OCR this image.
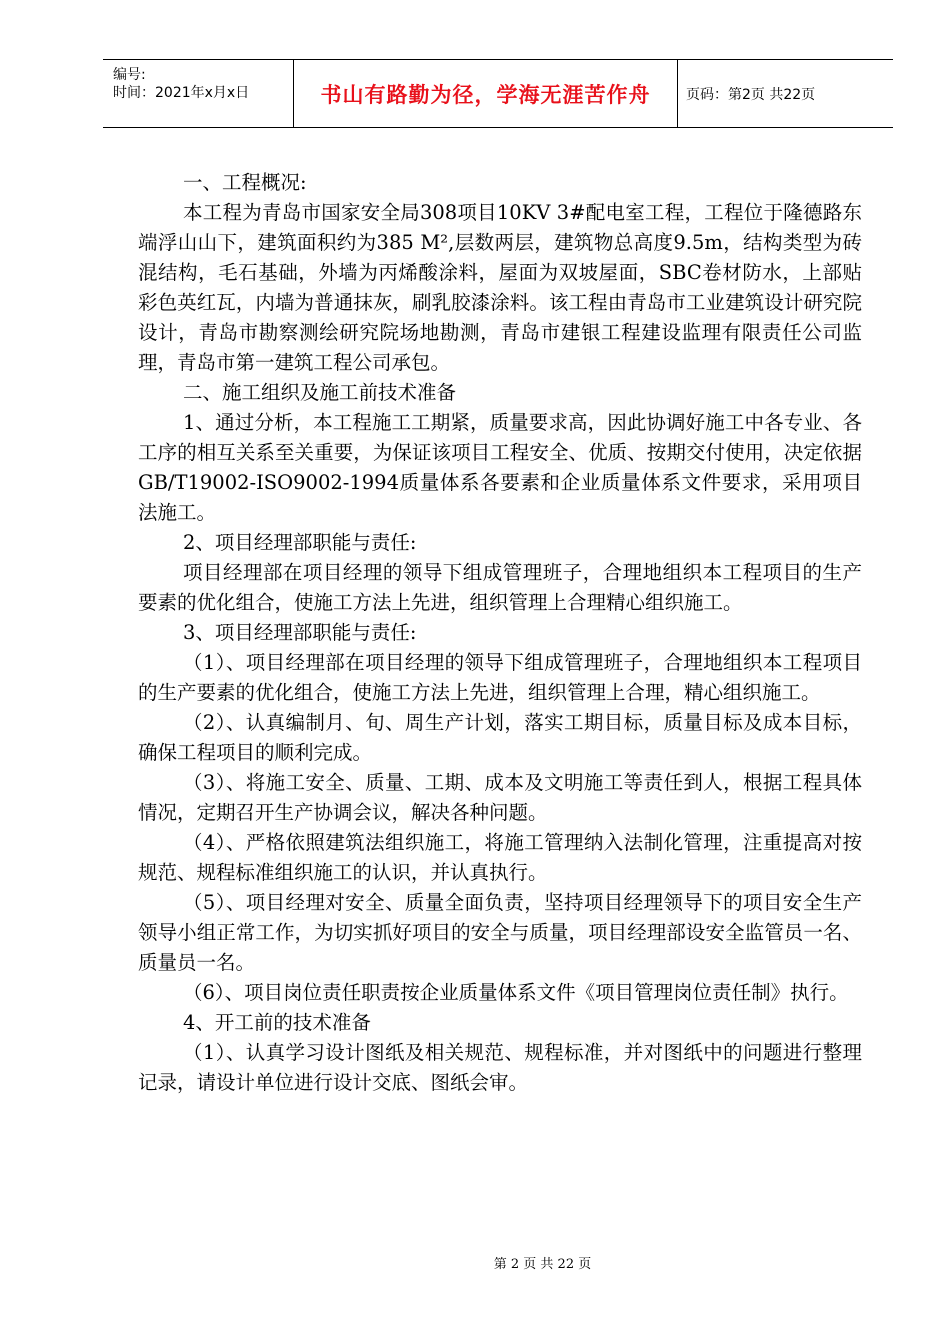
编号:
时间：2021年x月x日	书山有路勤为径，学海无涯苦作舟	页码：第2页 共22页

一、工程概况:

本工程为青岛市国家安全局308项目10KV 3#配电室工程，工程位于隆德路东端浮山山下，建筑面积约为385 M²,层数两层，建筑物总高度9.5m，结构类型为砖混结构，毛石基础，外墙为丙烯酸涂料，屋面为双坡屋面，SBC卷材防水，上部贴彩色英红瓦，内墙为普通抹灰，刷乳胶漆涂料。该工程由青岛市工业建筑设计研究院设计，青岛市勘察测绘研究院场地勘测，青岛市建银工程建设监理有限责任公司监理，青岛市第一建筑工程公司承包。

二、施工组织及施工前技术准备

1、通过分析，本工程施工工期紧，质量要求高，因此协调好施工中各专业、各工序的相互关系至关重要，为保证该项目工程安全、优质、按期交付使用，决定依据GB/T19002-ISO9002-1994质量体系各要素和企业质量体系文件要求，采用项目法施工。

2、项目经理部职能与责任:

项目经理部在项目经理的领导下组成管理班子，合理地组织本工程项目的生产要素的优化组合，使施工方法上先进，组织管理上合理精心组织施工。

3、项目经理部职能与责任:

（1）、项目经理部在项目经理的领导下组成管理班子，合理地组织本工程项目的生产要素的优化组合，使施工方法上先进，组织管理上合理，精心组织施工。

（2）、认真编制月、旬、周生产计划，落实工期目标，质量目标及成本目标，确保工程项目的顺利完成。

（3）、将施工安全、质量、工期、成本及文明施工等责任到人，根据工程具体情况，定期召开生产协调会议，解决各种问题。

（4）、严格依照建筑法组织施工，将施工管理纳入法制化管理，注重提高对按规范、规程标准组织施工的认识，并认真执行。

（5）、项目经理对安全、质量全面负责，坚持项目经理领导下的项目安全生产领导小组正常工作，为切实抓好项目的安全与质量，项目经理部设安全监管员一名、质量员一名。

（6）、项目岗位责任职责按企业质量体系文件《项目管理岗位责任制》执行。

4、开工前的技术准备

（1）、认真学习设计图纸及相关规范、规程标准，并对图纸中的问题进行整理记录，请设计单位进行设计交底、图纸会审。

第 2 页 共 22 页
